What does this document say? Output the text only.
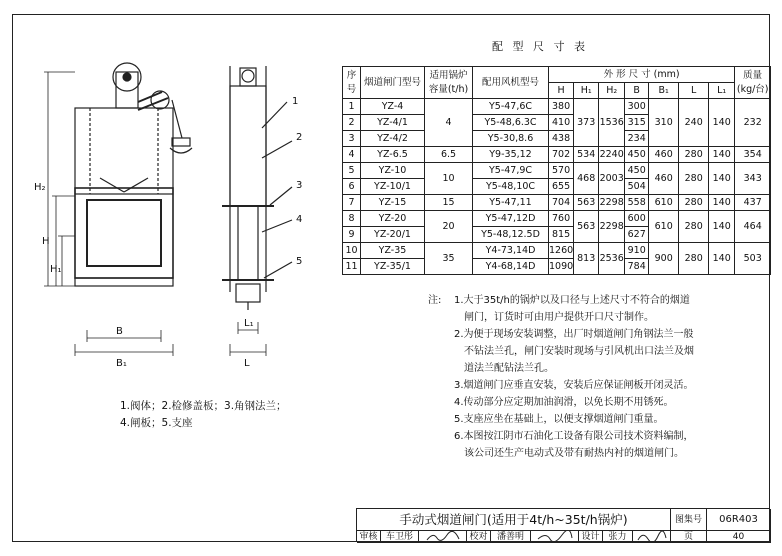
H₂
H
H₁
B
B₁
L₁
L
1
2
3
4
5
配 型 尺 寸 表
序号	烟道闸门型号	适用锅炉容量(t/h)	配用风机型号	外 形 尺 寸 (mm)							质量(kg/台)
				H	H₁	H₂	B	B₁	L	L₁	
1	YZ-4	4	Y5-47,6C	380	373	1536	300	310	240	140	232
2	YZ-4/1		Y5-48,6.3C	410			315				
3	YZ-4/2		Y5-30,8.6	438			234				
4	YZ-6.5	6.5	Y9-35,12	702	534	2240	450	460	280	140	354
5	YZ-10	10	Y5-47,9C	570	468	2003	450	460	280	140	343
6	YZ-10/1		Y5-48,10C	655			504				
7	YZ-15	15	Y5-47,11	704	563	2298	558	610	280	140	437
8	YZ-20	20	Y5-47,12D	760	563	2298	600	610	280	140	464
9	YZ-20/1		Y5-48,12.5D	815			627				
10	YZ-35	35	Y4-73,14D	1260	813	2536	910	900	280	140	503
11	YZ-35/1		Y4-68,14D	1090			784				
1.阀体；2.检修盖板；3.角钢法兰；
4.闸板；5.支座
注:	1.大于35t/h的锅炉以及口径与上述尺寸不符合的烟道
闸门，订货时可由用户提供开口尺寸制作。
2.为便于现场安装调整，出厂时烟道闸门角钢法兰一般
不钻法兰孔，闸门安装时现场与引风机出口法兰及烟
道法兰配钻法兰孔。
3.烟道闸门应垂直安装，安装后应保证闸板开闭灵活。
4.传动部分应定期加油润滑，以免长期不用锈死。
5.支座应坐在基础上，以便支撑烟道闸门重量。
6.本图按江阴市石油化工设备有限公司技术资料编制，
该公司还生产电动式及带有耐热内衬的烟道闸门。
手动式烟道闸门(适用于4t/h~35t/h锅炉)	图集号	06R403
审核 车卫彤	校对	潘善明	设计 张力	页	40
